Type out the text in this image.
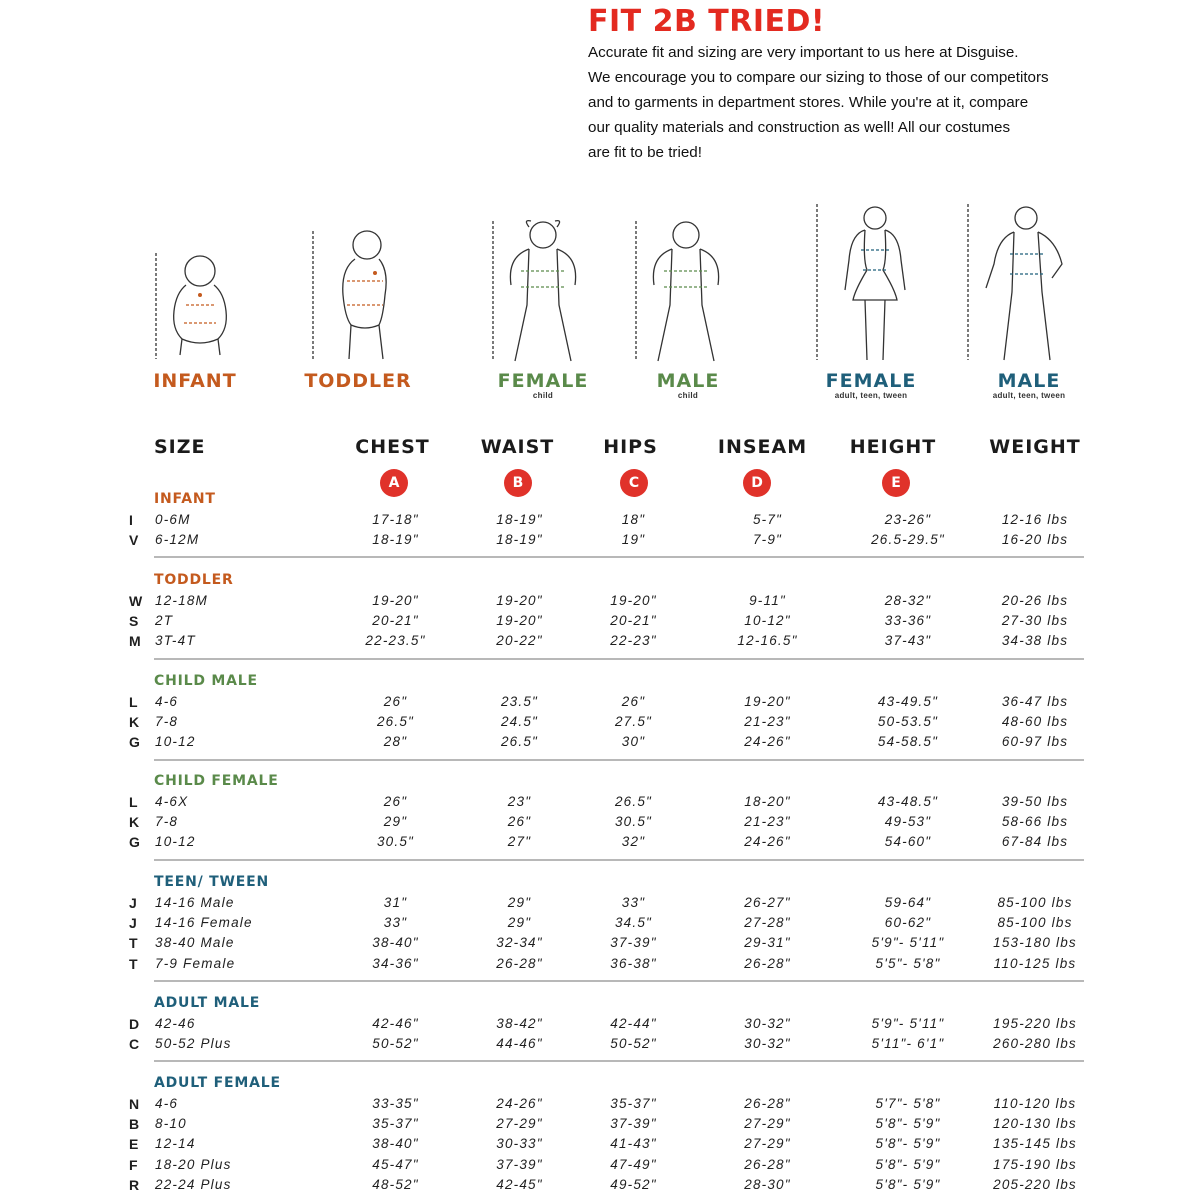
FIT 2B TRIED!
Accurate fit and sizing are very important to us here at Disguise.
We encourage you to compare our sizing to those of our competitors
and to garments in department stores. While you're at it, compare
our quality materials and construction as well! All our costumes
are fit to be tried!
INFANT	TODDLER	FEMALE
child
MALE
child
FEMALE
adult, teen, tween
MALE
adult, teen, tween
SIZE	CHEST	WAIST	HIPS	INSEAM	HEIGHT	WEIGHT
A	B	C	D	E
INFANT
I 0-6M	17-18"	18-19"	18"	5-7"	23-26"	12-16 lbs
V 6-12M	18-19"	18-19"	19"	7-9"	26.5-29.5"	16-20 lbs
TODDLER
W 12-18M	19-20"	19-20"	19-20"	9-11"	28-32"	20-26 lbs
S 2T	20-21"	19-20"	20-21"	10-12"	33-36"	27-30 lbs
M 3T-4T	22-23.5"	20-22"	22-23"	12-16.5"	37-43"	34-38 lbs
CHILD MALE
L 4-6	26"	23.5"	26"	19-20"	43-49.5"	36-47 lbs
K 7-8	26.5"	24.5"	27.5"	21-23"	50-53.5"	48-60 lbs
G 10-12	28"	26.5"	30"	24-26"	54-58.5"	60-97 lbs
CHILD FEMALE
L 4-6X	26"	23"	26.5"	18-20"	43-48.5"	39-50 lbs
K 7-8	29"	26"	30.5"	21-23"	49-53"	58-66 lbs
G 10-12	30.5"	27"	32"	24-26"	54-60"	67-84 lbs
TEEN/ TWEEN
J 14-16 Male	31"	29"	33"	26-27"	59-64"	85-100 lbs
J 14-16 Female	33"	29"	34.5"	27-28"	60-62"	85-100 lbs
T 38-40 Male	38-40"	32-34"	37-39"	29-31"	5'9"- 5'11"	153-180 lbs
T 7-9 Female	34-36"	26-28"	36-38"	26-28"	5'5"- 5'8"	110-125 lbs
ADULT MALE
D 42-46	42-46"	38-42"	42-44"	30-32"	5'9"- 5'11"	195-220 lbs
C 50-52 Plus	50-52"	44-46"	50-52"	30-32"	5'11"- 6'1"	260-280 lbs
ADULT FEMALE
N 4-6	33-35"	24-26"	35-37"	26-28"	5'7"- 5'8"	110-120 lbs
B 8-10	35-37"	27-29"	37-39"	27-29"	5'8"- 5'9"	120-130 lbs
E 12-14	38-40"	30-33"	41-43"	27-29"	5'8"- 5'9"	135-145 lbs
F 18-20 Plus	45-47"	37-39"	47-49"	26-28"	5'8"- 5'9"	175-190 lbs
R 22-24 Plus	48-52"	42-45"	49-52"	28-30"	5'8"- 5'9"	205-220 lbs
